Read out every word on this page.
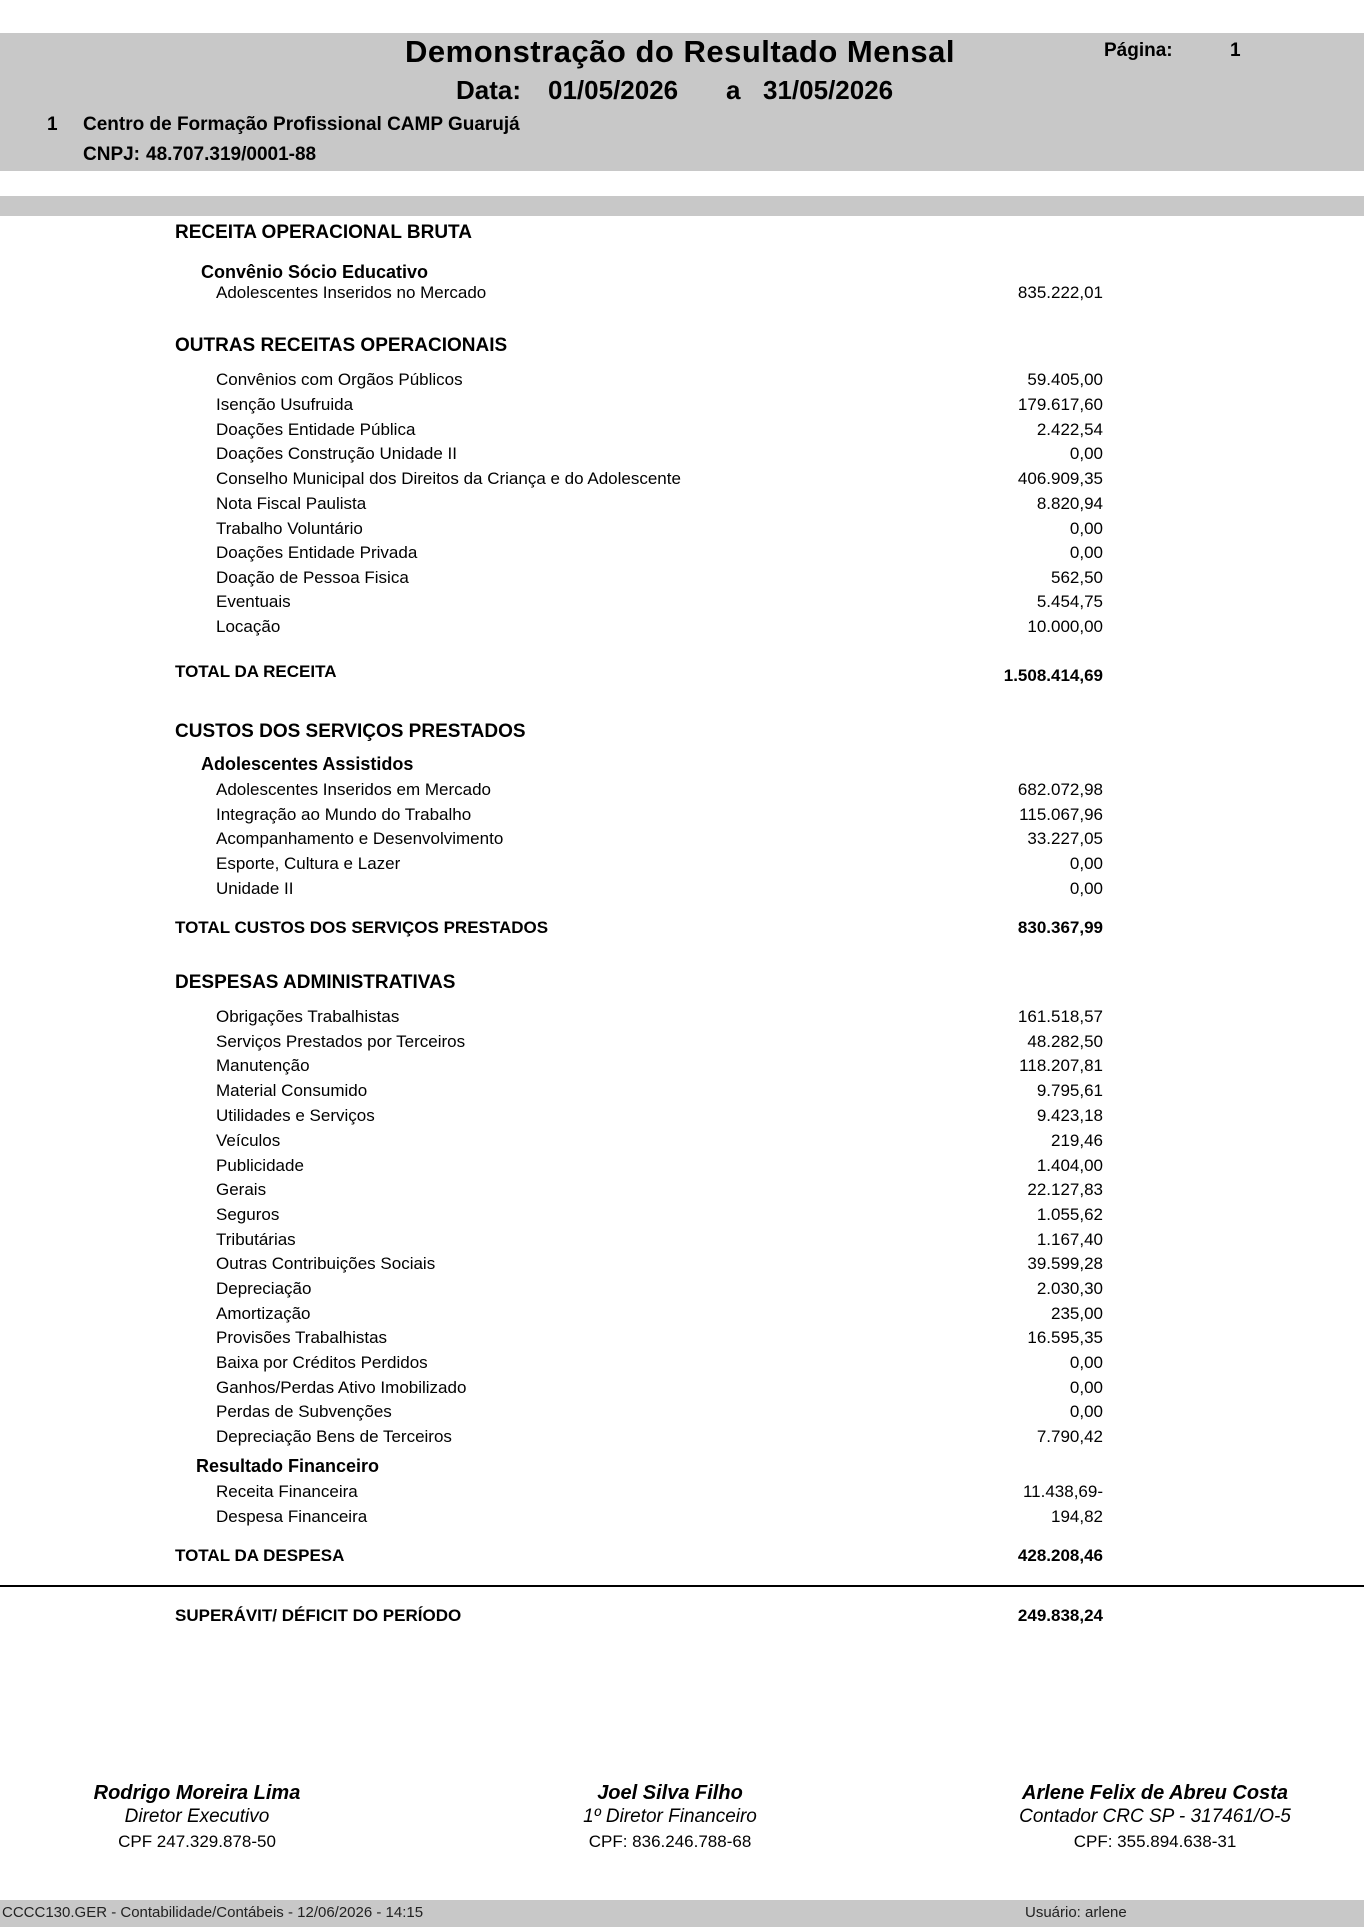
Demonstração do Resultado Mensal	Página:	1
Data: 01/05/2026 a 31/05/2026
1 Centro de Formação Profissional CAMP Guarujá
CNPJ: 48.707.319/0001-88
RECEITA OPERACIONAL BRUTA
Convênio Sócio Educativo
Adolescentes Inseridos no Mercado	835.222,01
OUTRAS RECEITAS OPERACIONAIS
Convênios com Orgãos Públicos	59.405,00
Isenção Usufruida	179.617,60
Doações Entidade Pública	2.422,54
Doações Construção Unidade II	0,00
Conselho Municipal dos Direitos da Criança e do Adolescente	406.909,35
Nota Fiscal Paulista	8.820,94
Trabalho Voluntário	0,00
Doações Entidade Privada	0,00
Doação de Pessoa Fisica	562,50
Eventuais	5.454,75
Locação	10.000,00
TOTAL DA RECEITA	1.508.414,69
CUSTOS DOS SERVIÇOS PRESTADOS
Adolescentes Assistidos
Adolescentes Inseridos em Mercado	682.072,98
Integração ao Mundo do Trabalho	115.067,96
Acompanhamento e Desenvolvimento	33.227,05
Esporte, Cultura e Lazer	0,00
Unidade II	0,00
TOTAL CUSTOS DOS SERVIÇOS PRESTADOS	830.367,99
DESPESAS ADMINISTRATIVAS
Obrigações Trabalhistas	161.518,57
Serviços Prestados por Terceiros	48.282,50
Manutenção	118.207,81
Material Consumido	9.795,61
Utilidades e Serviços	9.423,18
Veículos	219,46
Publicidade	1.404,00
Gerais	22.127,83
Seguros	1.055,62
Tributárias	1.167,40
Outras Contribuições Sociais	39.599,28
Depreciação	2.030,30
Amortização	235,00
Provisões Trabalhistas	16.595,35
Baixa por Créditos Perdidos	0,00
Ganhos/Perdas Ativo Imobilizado	0,00
Perdas de Subvenções	0,00
Depreciação Bens de Terceiros	7.790,42
Resultado Financeiro
Receita Financeira	11.438,69-
Despesa Financeira	194,82
TOTAL DA DESPESA	428.208,46
SUPERÁVIT/ DÉFICIT DO PERÍODO	249.838,24
Rodrigo Moreira Lima
Diretor Executivo
CPF 247.329.878-50
Joel Silva Filho
1º Diretor Financeiro
CPF: 836.246.788-68
Arlene Felix de Abreu Costa
Contador CRC SP - 317461/O-5
CPF: 355.894.638-31
CCCC130.GER - Contabilidade/Contábeis - 12/06/2026 - 14:15	Usuário: arlene
